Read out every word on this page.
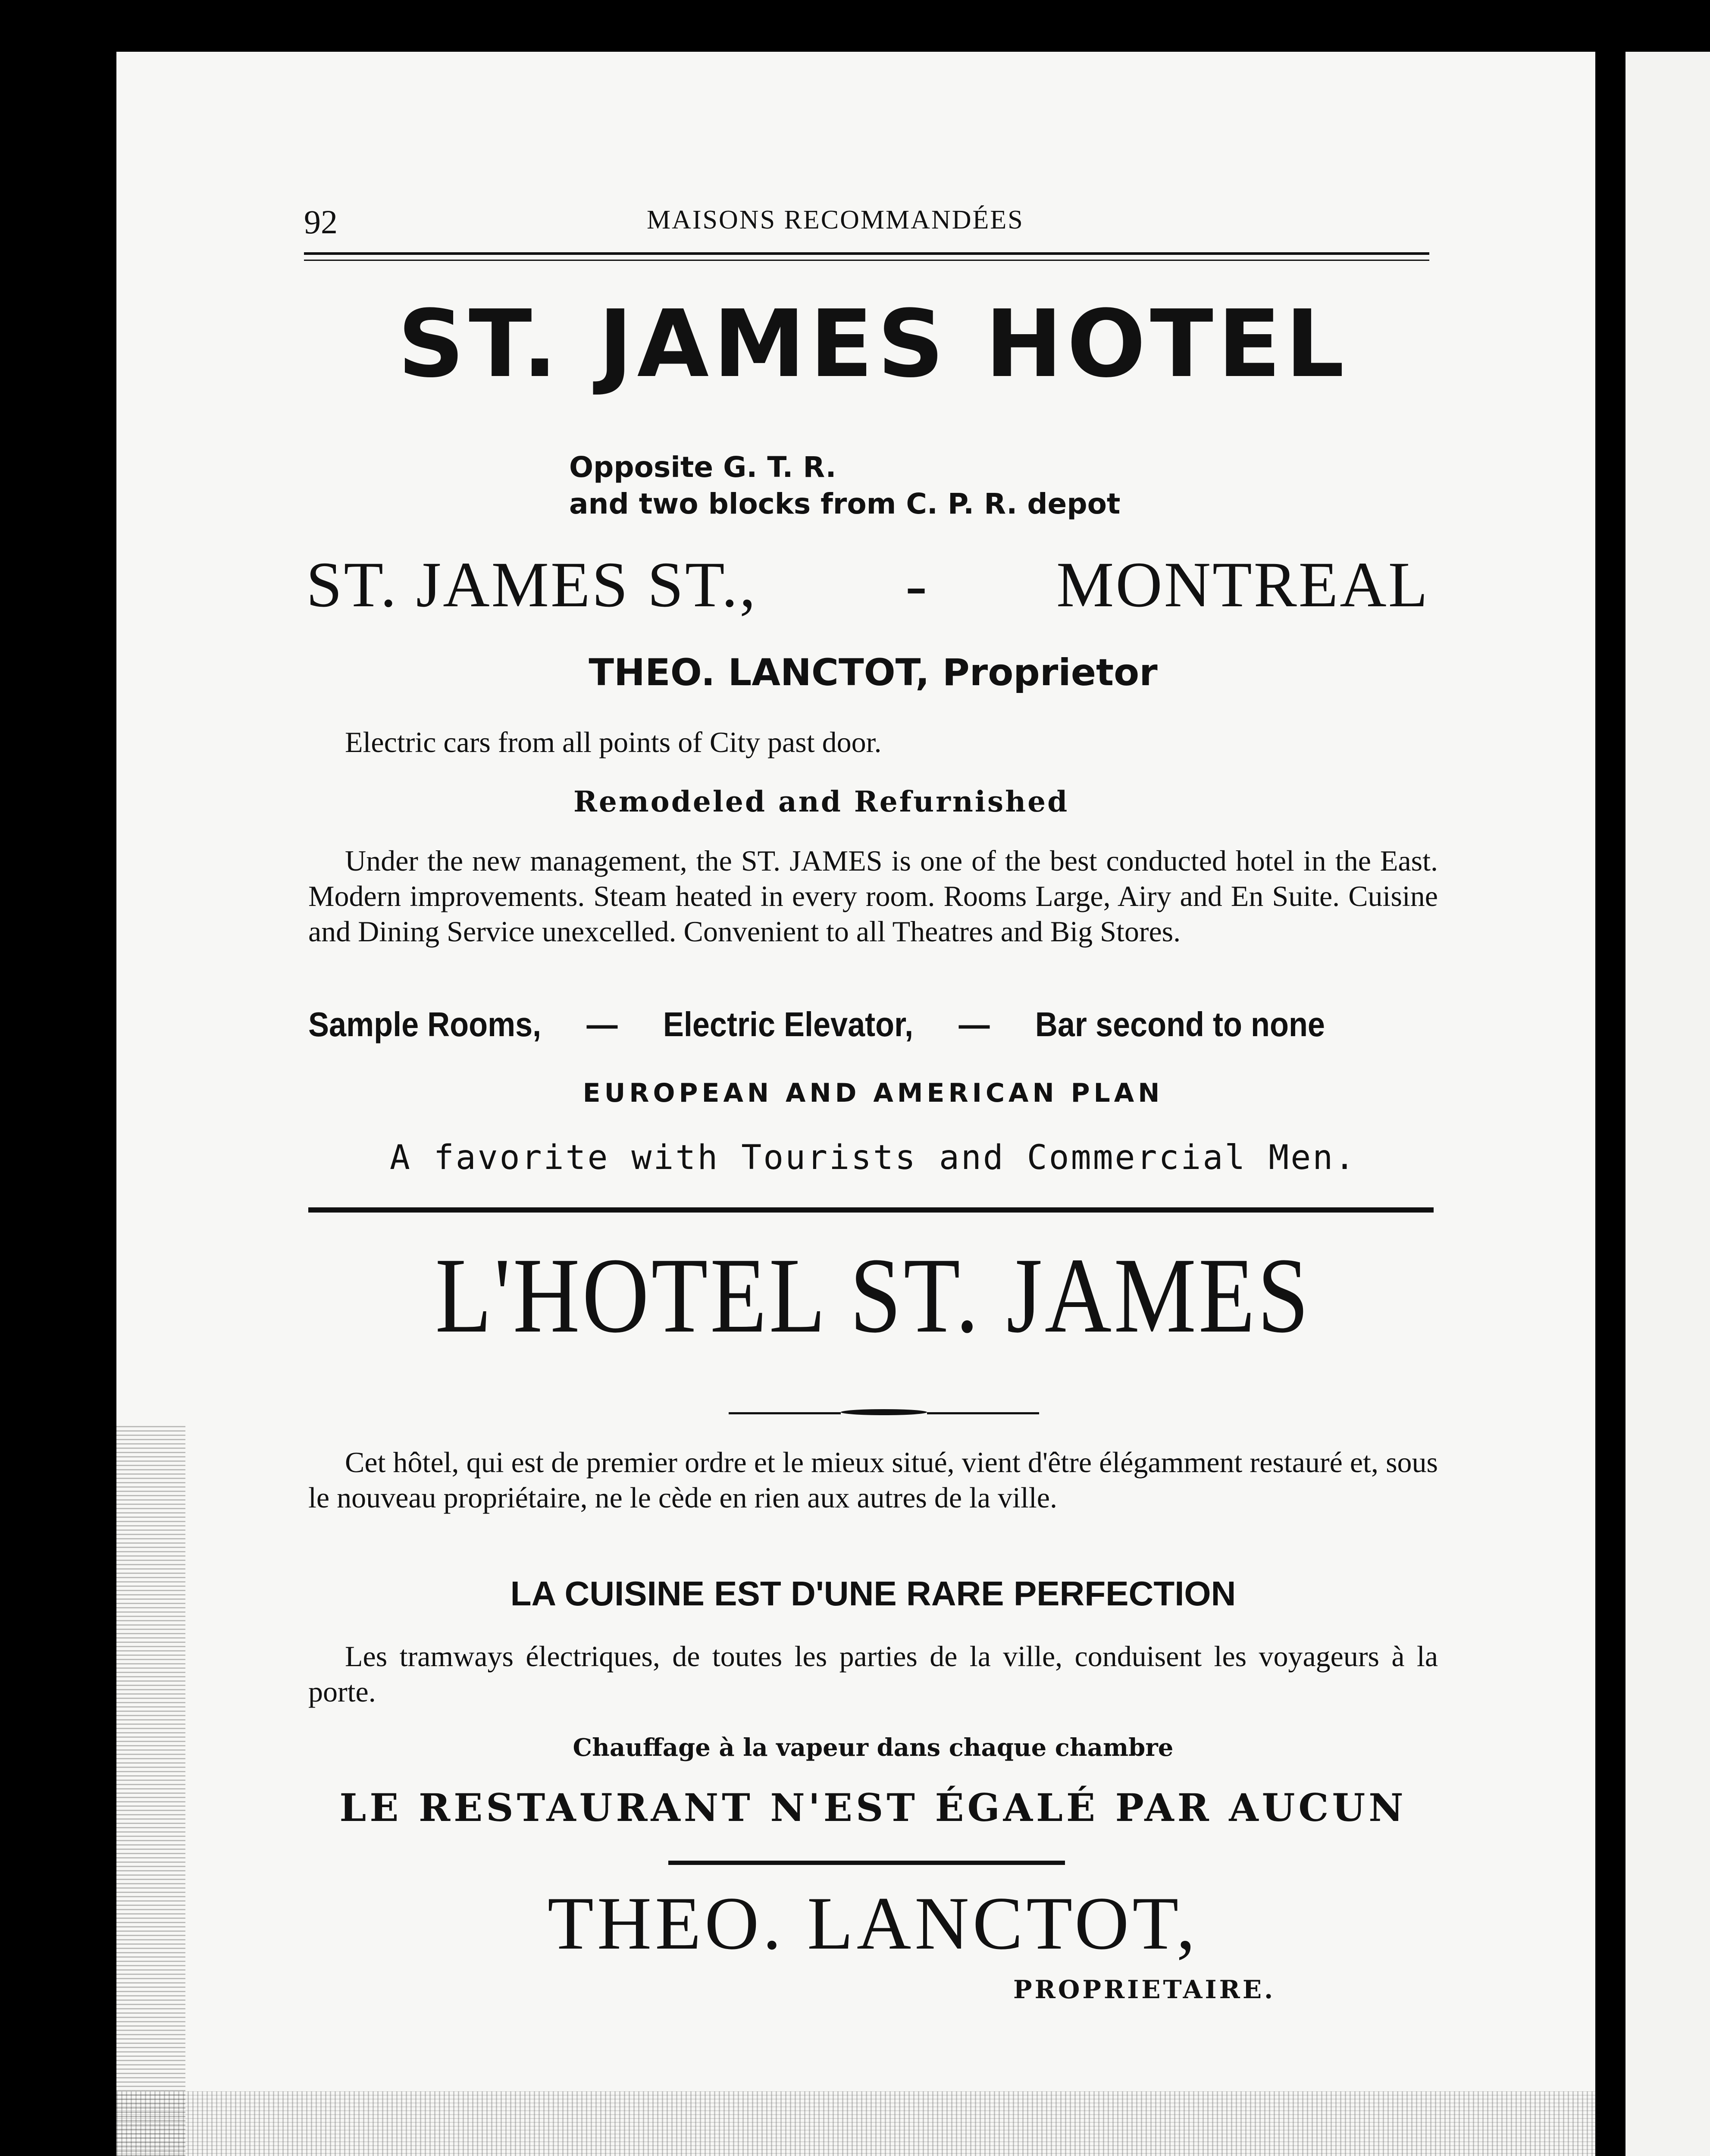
92	MAISONS RECOMMANDÉES
ST. JAMES HOTEL
Opposite G. T. R.
and two blocks from C. P. R. depot
ST. JAMES ST., - MONTREAL
THEO. LANCTOT, Proprietor
Electric cars from all points of City past door.
Remodeled and Refurnished
Under the new management, the ST. JAMES is one of the best conducted hotel in the East. Modern improvements. Steam heated in every room. Rooms Large, Airy and En Suite. Cuisine and Dining Service unexcelled. Convenient to all Theatres and Big Stores.
Sample Rooms, — Electric Elevator, — Bar second to none
EUROPEAN AND AMERICAN PLAN
A favorite with Tourists and Commercial Men.
L'HOTEL ST. JAMES
Cet hôtel, qui est de premier ordre et le mieux situé, vient d'être élégamment restauré et, sous le nouveau propriétaire, ne le cède en rien aux autres de la ville.
LA CUISINE EST D'UNE RARE PERFECTION
Les tramways électriques, de toutes les parties de la ville, conduisent les voyageurs à la porte.
Chauffage à la vapeur dans chaque chambre
LE RESTAURANT N'EST ÉGALÉ PAR AUCUN
THEO. LANCTOT,
PROPRIETAIRE.
